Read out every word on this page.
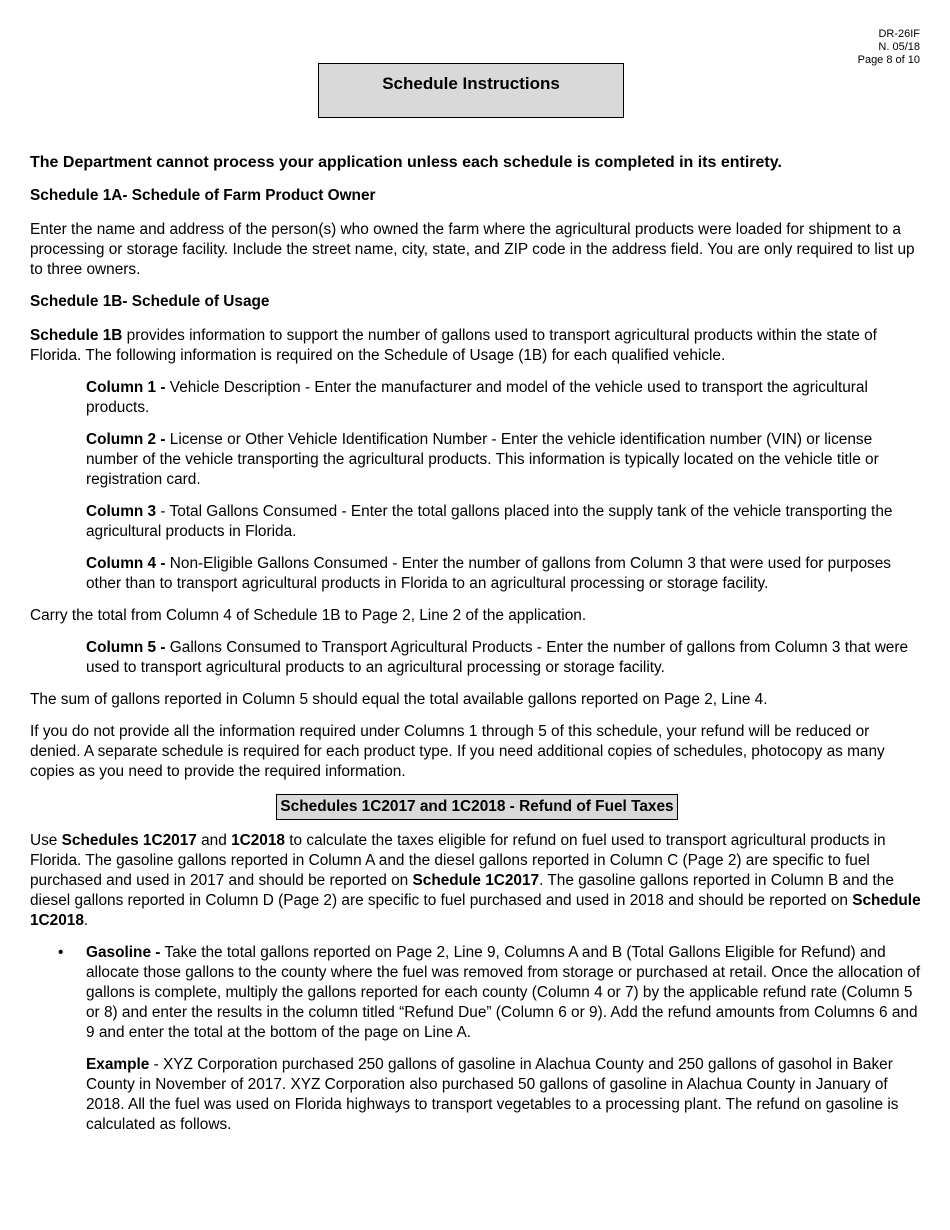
DR-26IF
N. 05/18
Page 8 of 10
Schedule Instructions

The Department cannot process your application unless each schedule is completed in its entirety.

Schedule 1A- Schedule of Farm Product Owner

Enter the name and address of the person(s) who owned the farm where the agricultural products were loaded for shipment to a processing or storage facility. Include the street name, city, state, and ZIP code in the address field. You are only required to list up to three owners.

Schedule 1B- Schedule of Usage

Schedule 1B provides information to support the number of gallons used to transport agricultural products within the state of Florida. The following information is required on the Schedule of Usage (1B) for each qualified vehicle.

Column 1 - Vehicle Description - Enter the manufacturer and model of the vehicle used to transport the agricultural products.

Column 2 - License or Other Vehicle Identification Number - Enter the vehicle identification number (VIN) or license number of the vehicle transporting the agricultural products. This information is typically located on the vehicle title or registration card.

Column 3 - Total Gallons Consumed - Enter the total gallons placed into the supply tank of the vehicle transporting the agricultural products in Florida.

Column 4 - Non-Eligible Gallons Consumed - Enter the number of gallons from Column 3 that were used for purposes other than to transport agricultural products in Florida to an agricultural processing or storage facility.

Carry the total from Column 4 of Schedule 1B to Page 2, Line 2 of the application.

Column 5 - Gallons Consumed to Transport Agricultural Products - Enter the number of gallons from Column 3 that were used to transport agricultural products to an agricultural processing or storage facility.

The sum of gallons reported in Column 5 should equal the total available gallons reported on Page 2, Line 4.

If you do not provide all the information required under Columns 1 through 5 of this schedule, your refund will be reduced or denied. A separate schedule is required for each product type. If you need additional copies of schedules, photocopy as many copies as you need to provide the required information.

Schedules 1C2017 and 1C2018 - Refund of Fuel Taxes

Use Schedules 1C2017 and 1C2018 to calculate the taxes eligible for refund on fuel used to transport agricultural products in Florida. The gasoline gallons reported in Column A and the diesel gallons reported in Column C (Page 2) are specific to fuel purchased and used in 2017 and should be reported on Schedule 1C2017. The gasoline gallons reported in Column B and the diesel gallons reported in Column D (Page 2) are specific to fuel purchased and used in 2018 and should be reported on Schedule 1C2018.

• Gasoline - Take the total gallons reported on Page 2, Line 9, Columns A and B (Total Gallons Eligible for Refund) and allocate those gallons to the county where the fuel was removed from storage or purchased at retail. Once the allocation of gallons is complete, multiply the gallons reported for each county (Column 4 or 7) by the applicable refund rate (Column 5 or 8) and enter the results in the column titled “Refund Due” (Column 6 or 9). Add the refund amounts from Columns 6 and 9 and enter the total at the bottom of the page on Line A.

Example - XYZ Corporation purchased 250 gallons of gasoline in Alachua County and 250 gallons of gasohol in Baker County in November of 2017. XYZ Corporation also purchased 50 gallons of gasoline in Alachua County in January of 2018. All the fuel was used on Florida highways to transport vegetables to a processing plant. The refund on gasoline is calculated as follows.
